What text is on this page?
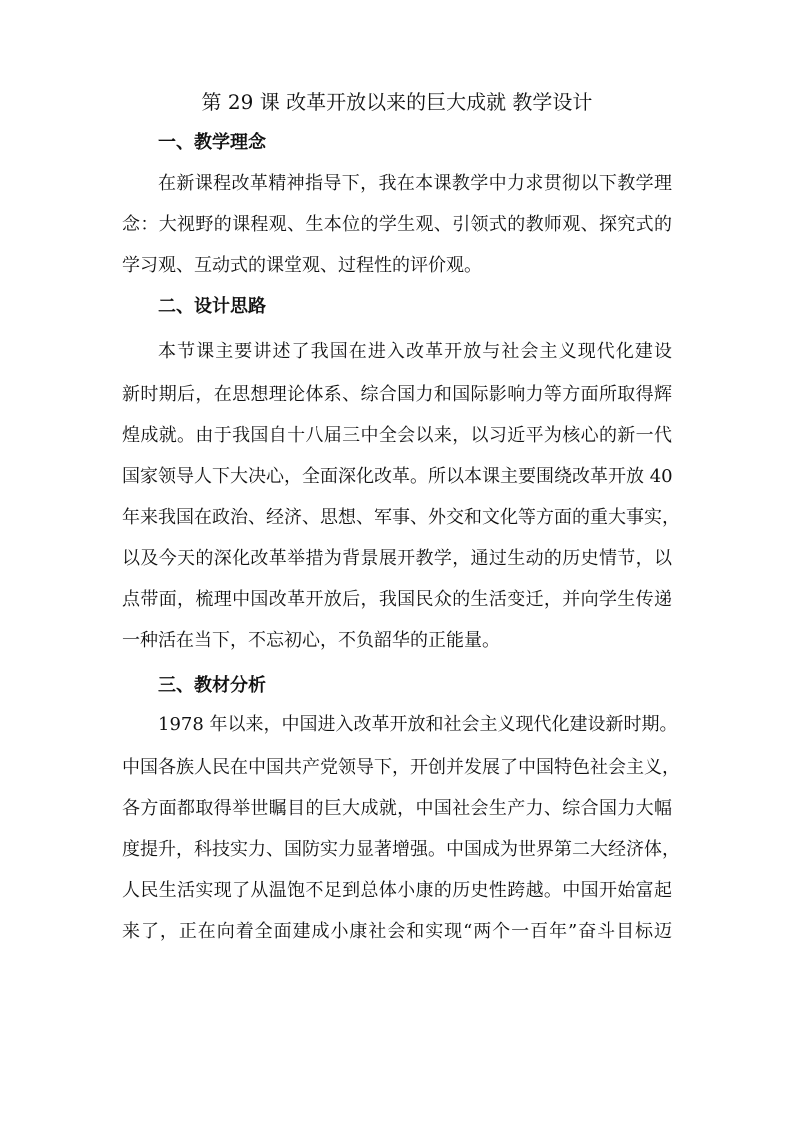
第 29 课 改革开放以来的巨大成就 教学设计
一、教学理念
在新课程改革精神指导下，我在本课教学中力求贯彻以下教学理
念：大视野的课程观、生本位的学生观、引领式的教师观、探究式的
学习观、互动式的课堂观、过程性的评价观。
二、设计思路
本节课主要讲述了我国在进入改革开放与社会主义现代化建设
新时期后，在思想理论体系、综合国力和国际影响力等方面所取得辉
煌成就。由于我国自十八届三中全会以来，以习近平为核心的新一代
国家领导人下大决心，全面深化改革。所以本课主要围绕改革开放 40
年来我国在政治、经济、思想、军事、外交和文化等方面的重大事实，
以及今天的深化改革举措为背景展开教学，通过生动的历史情节，以
点带面，梳理中国改革开放后，我国民众的生活变迁，并向学生传递
一种活在当下，不忘初心，不负韶华的正能量。
三、教材分析
1978 年以来，中国进入改革开放和社会主义现代化建设新时期。
中国各族人民在中国共产党领导下，开创并发展了中国特色社会主义，
各方面都取得举世瞩目的巨大成就，中国社会生产力、综合国力大幅
度提升，科技实力、国防实力显著增强。中国成为世界第二大经济体，
人民生活实现了从温饱不足到总体小康的历史性跨越。中国开始富起
来了，正在向着全面建成小康社会和实现“两个一百年”奋斗目标迈
